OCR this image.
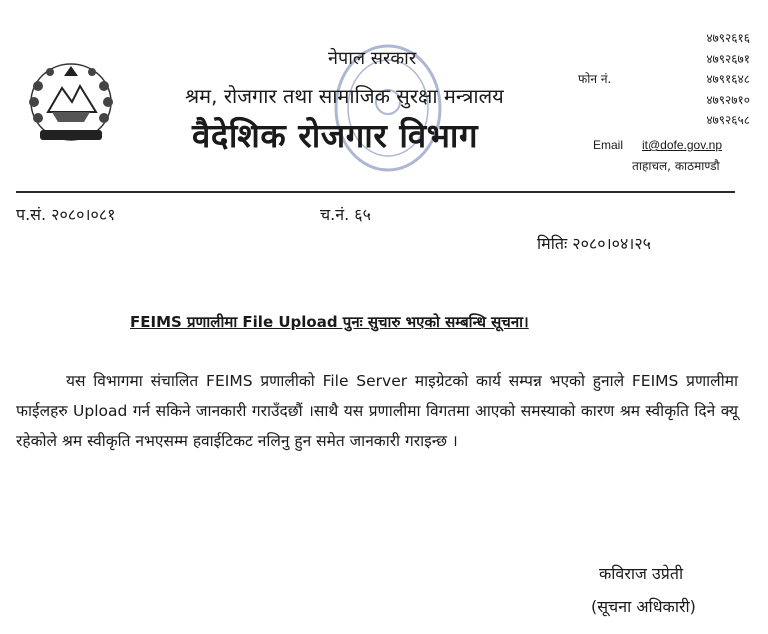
नेपाल सरकार
श्रम, रोजगार तथा सामाजिक सुरक्षा मन्त्रालय
वैदेशिक रोजगार विभाग
फोन नं.
४७९२६१६
४७९२६७१
४७९१६४८
४७९२७१०
४७९२६५८
Email it@dofe.gov.np
ताहाचल, काठमाण्डौ
प.सं. २०८०।०८१	च.नं. ६५
मितिः २०८०।०४।२५
FEIMS प्रणालीमा File Upload पुनः सुचारु भएको सम्बन्धि सूचना।

यस विभागमा संचालित FEIMS प्रणालीको File Server माइग्रेटको कार्य सम्पन्न भएको हुनाले FEIMS प्रणालीमा फाईलहरु Upload गर्न सकिने जानकारी गराउँदछौं ।साथै यस प्रणालीमा विगतमा आएको समस्याको कारण श्रम स्वीकृति दिने क्यू रहेकोले श्रम स्वीकृति नभएसम्म हवाईटिकट नलिनु हुन समेत जानकारी गराइन्छ ।

कविराज उप्रेती
(सूचना अधिकारी)
